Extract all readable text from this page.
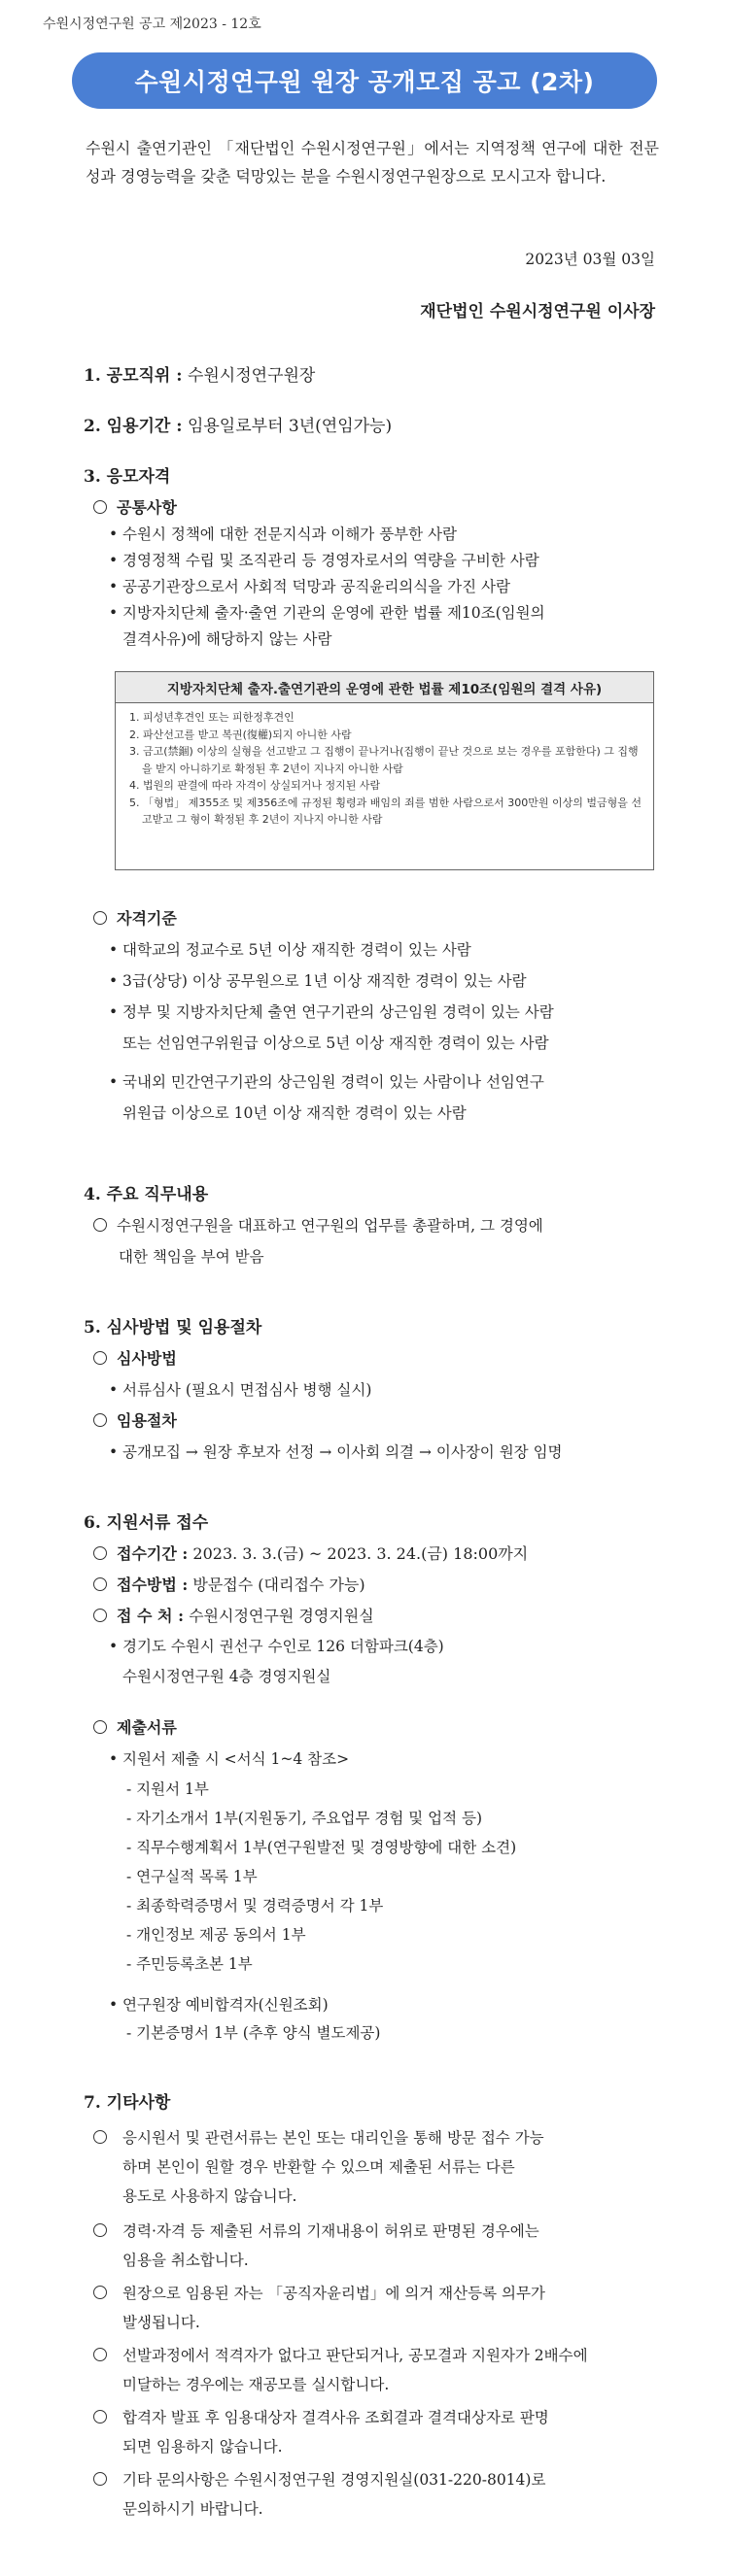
수원시정연구원 공고 제2023 - 12호
수원시정연구원 원장 공개모집 공고 (2차)
수원시 출연기관인 「재단법인 수원시정연구원」에서는 지역정책 연구에 대한 전문성과 경영능력을 갖춘 덕망있는 분을 수원시정연구원장으로 모시고자 합니다.
2023년 03월 03일
재단법인 수원시정연구원 이사장
1. 공모직위 : 수원시정연구원장
2. 임용기간 : 임용일로부터 3년(연임가능)
3. 응모자격
공통사항
• 수원시 정책에 대한 전문지식과 이해가 풍부한 사람
• 경영정책 수립 및 조직관리 등 경영자로서의 역량을 구비한 사람
• 공공기관장으로서 사회적 덕망과 공직윤리의식을 가진 사람
• 지방자치단체 출자·출연 기관의 운영에 관한 법률 제10조(임원의
결격사유)에 해당하지 않는 사람
지방자치단체 출자.출연기관의 운영에 관한 법률 제10조(임원의 결격 사유)
1. 피성년후견인 또는 피한정후견인
2. 파산선고를 받고 복권(復權)되지 아니한 사람
3. 금고(禁錮) 이상의 실형을 선고받고 그 집행이 끝나거나(집행이 끝난 것으로 보는 경우를 포함한다) 그 집행을 받지 아니하기로 확정된 후 2년이 지나지 아니한 사람
4. 법원의 판결에 따라 자격이 상실되거나 정지된 사람
5. 「형법」 제355조 및 제356조에 규정된 횡령과 배임의 죄를 범한 사람으로서 300만원 이상의 벌금형을 선고받고 그 형이 확정된 후 2년이 지나지 아니한 사람
자격기준
• 대학교의 정교수로 5년 이상 재직한 경력이 있는 사람
• 3급(상당) 이상 공무원으로 1년 이상 재직한 경력이 있는 사람
• 정부 및 지방자치단체 출연 연구기관의 상근임원 경력이 있는 사람
또는 선임연구위원급 이상으로 5년 이상 재직한 경력이 있는 사람
• 국내외 민간연구기관의 상근임원 경력이 있는 사람이나 선임연구
위원급 이상으로 10년 이상 재직한 경력이 있는 사람
4. 주요 직무내용
수원시정연구원을 대표하고 연구원의 업무를 총괄하며, 그 경영에
대한 책임을 부여 받음
5. 심사방법 및 임용절차
심사방법
• 서류심사 (필요시 면접심사 병행 실시)
임용절차
• 공개모집 → 원장 후보자 선정 → 이사회 의결 → 이사장이 원장 임명
6. 지원서류 접수
접수기간 : 2023. 3. 3.(금) ~ 2023. 3. 24.(금) 18:00까지
접수방법 : 방문접수 (대리접수 가능)
접 수 처 : 수원시정연구원 경영지원실
• 경기도 수원시 권선구 수인로 126 더함파크(4층)
수원시정연구원 4층 경영지원실
제출서류
• 지원서 제출 시 <서식 1~4 참조>
- 지원서 1부
- 자기소개서 1부(지원동기, 주요업무 경험 및 업적 등)
- 직무수행계획서 1부(연구원발전 및 경영방향에 대한 소견)
- 연구실적 목록 1부
- 최종학력증명서 및 경력증명서 각 1부
- 개인정보 제공 동의서 1부
- 주민등록초본 1부
• 연구원장 예비합격자(신원조회)
- 기본증명서 1부 (추후 양식 별도제공)
7. 기타사항
응시원서 및 관련서류는 본인 또는 대리인을 통해 방문 접수 가능
하며 본인이 원할 경우 반환할 수 있으며 제출된 서류는 다른
용도로 사용하지 않습니다.
경력·자격 등 제출된 서류의 기재내용이 허위로 판명된 경우에는
임용을 취소합니다.
원장으로 임용된 자는 「공직자윤리법」에 의거 재산등록 의무가
발생됩니다.
선발과정에서 적격자가 없다고 판단되거나, 공모결과 지원자가 2배수에
미달하는 경우에는 재공모를 실시합니다.
합격자 발표 후 임용대상자 결격사유 조회결과 결격대상자로 판명
되면 임용하지 않습니다.
기타 문의사항은 수원시정연구원 경영지원실(031-220-8014)로
문의하시기 바랍니다.
